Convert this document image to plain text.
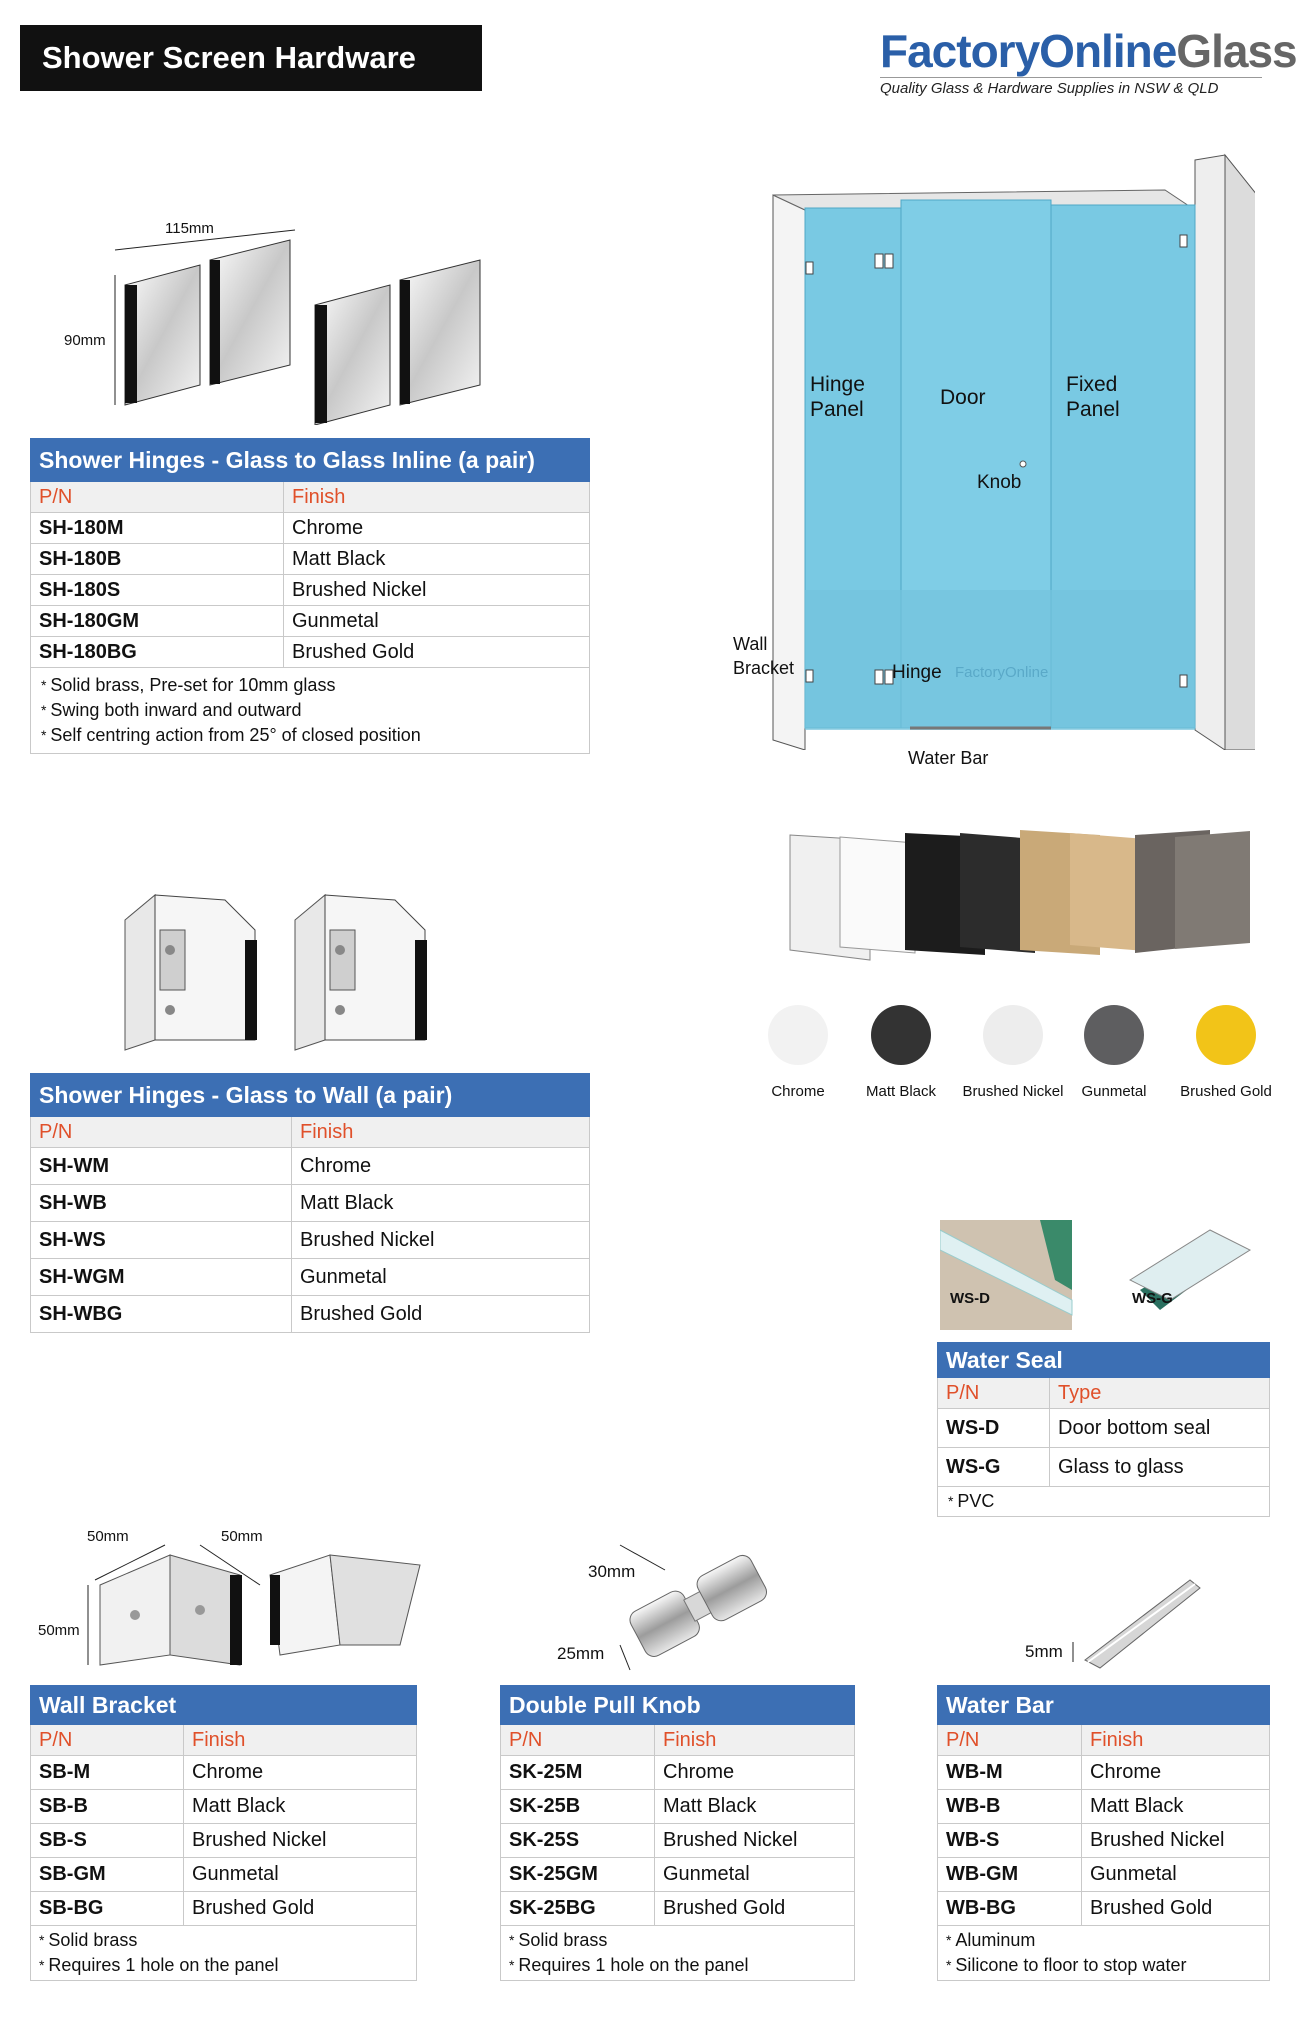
Shower Screen Hardware	FactoryOnlineGlass
Quality Glass & Hardware Supplies in NSW & QLD
115mm
90mm
Shower Hinges - Glass to Glass Inline (a pair)	
P/N	Finish
SH-180M	Chrome
SH-180B	Matt Black
SH-180S	Brushed Nickel
SH-180GM	Gunmetal
SH-180BG	Brushed Gold

* Solid brass, Pre-set for 10mm glass
* Swing both inward and outward
* Self centring action from 25° of closed position
Hinge
Panel
Door
Fixed
Panel
Knob
Wall
Bracket	Hinge FactoryOnline
Water Bar
Chrome	Matt Black	Brushed Nickel	Gunmetal	Brushed Gold
Shower Hinges - Glass to Wall (a pair)	
P/N	Finish
SH-WM	Chrome
SH-WB	Matt Black
SH-WS	Brushed Nickel
SH-WGM	Gunmetal
SH-WBG	Brushed Gold
WS-D	WS-G
Water Seal	
P/N	Type
WS-D	Door bottom seal
WS-G	Glass to glass

* PVC
50mm	50mm
50mm
Wall Bracket	
P/N	Finish
SB-M	Chrome
SB-B	Matt Black
SB-S	Brushed Nickel
SB-GM	Gunmetal
SB-BG	Brushed Gold

* Solid brass
* Requires 1 hole on the panel
30mm
25mm
Double Pull Knob	
P/N	Finish
SK-25M	Chrome
SK-25B	Matt Black
SK-25S	Brushed Nickel
SK-25GM	Gunmetal
SK-25BG	Brushed Gold

* Solid brass
* Requires 1 hole on the panel
5mm
Water Bar	
P/N	Finish
WB-M	Chrome
WB-B	Matt Black
WB-S	Brushed Nickel
WB-GM	Gunmetal
WB-BG	Brushed Gold

* Aluminum
* Silicone to floor to stop water
